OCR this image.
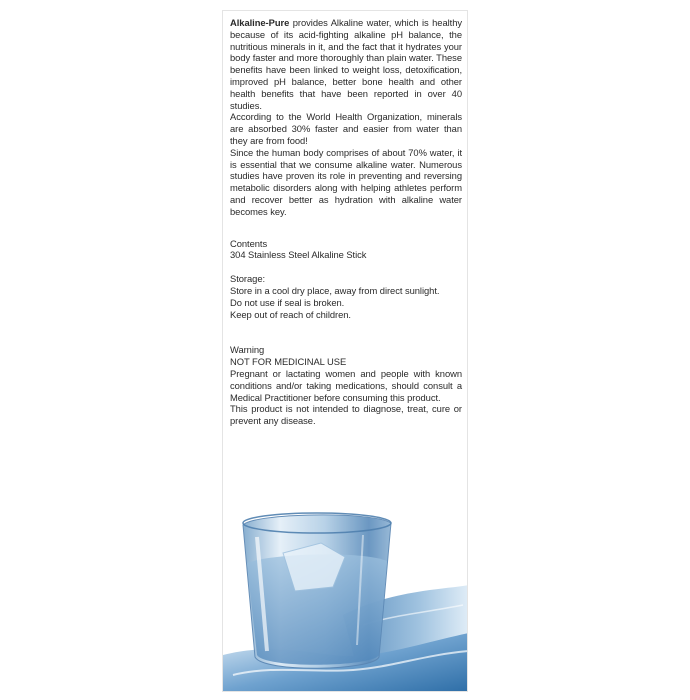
Alkaline-Pure provides Alkaline water, which is healthy because of its acid-fighting alkaline pH balance, the nutritious minerals in it, and the fact that it hydrates your body faster and more thoroughly than plain water. These benefits have been linked to weight loss, detoxification, improved pH balance, better bone health and other health benefits that have been reported in over 40 studies.

According to the World Health Organization, minerals are absorbed 30% faster and easier from water than they are from food!

Since the human body comprises of about 70% water, it is essential that we consume alkaline water. Numerous studies have proven its role in preventing and reversing metabolic disorders along with helping athletes perform and recover better as hydration with alkaline water becomes key.

Contents

304 Stainless Steel Alkaline Stick

Storage:

Store in a cool dry place, away from direct sunlight.

Do not use if seal is broken.

Keep out of reach of children.

Warning

NOT FOR MEDICINAL USE

Pregnant or lactating women and people with known conditions and/or taking medications, should consult a Medical Practitioner before consuming this product.

This product is not intended to diagnose, treat, cure or prevent any disease.
